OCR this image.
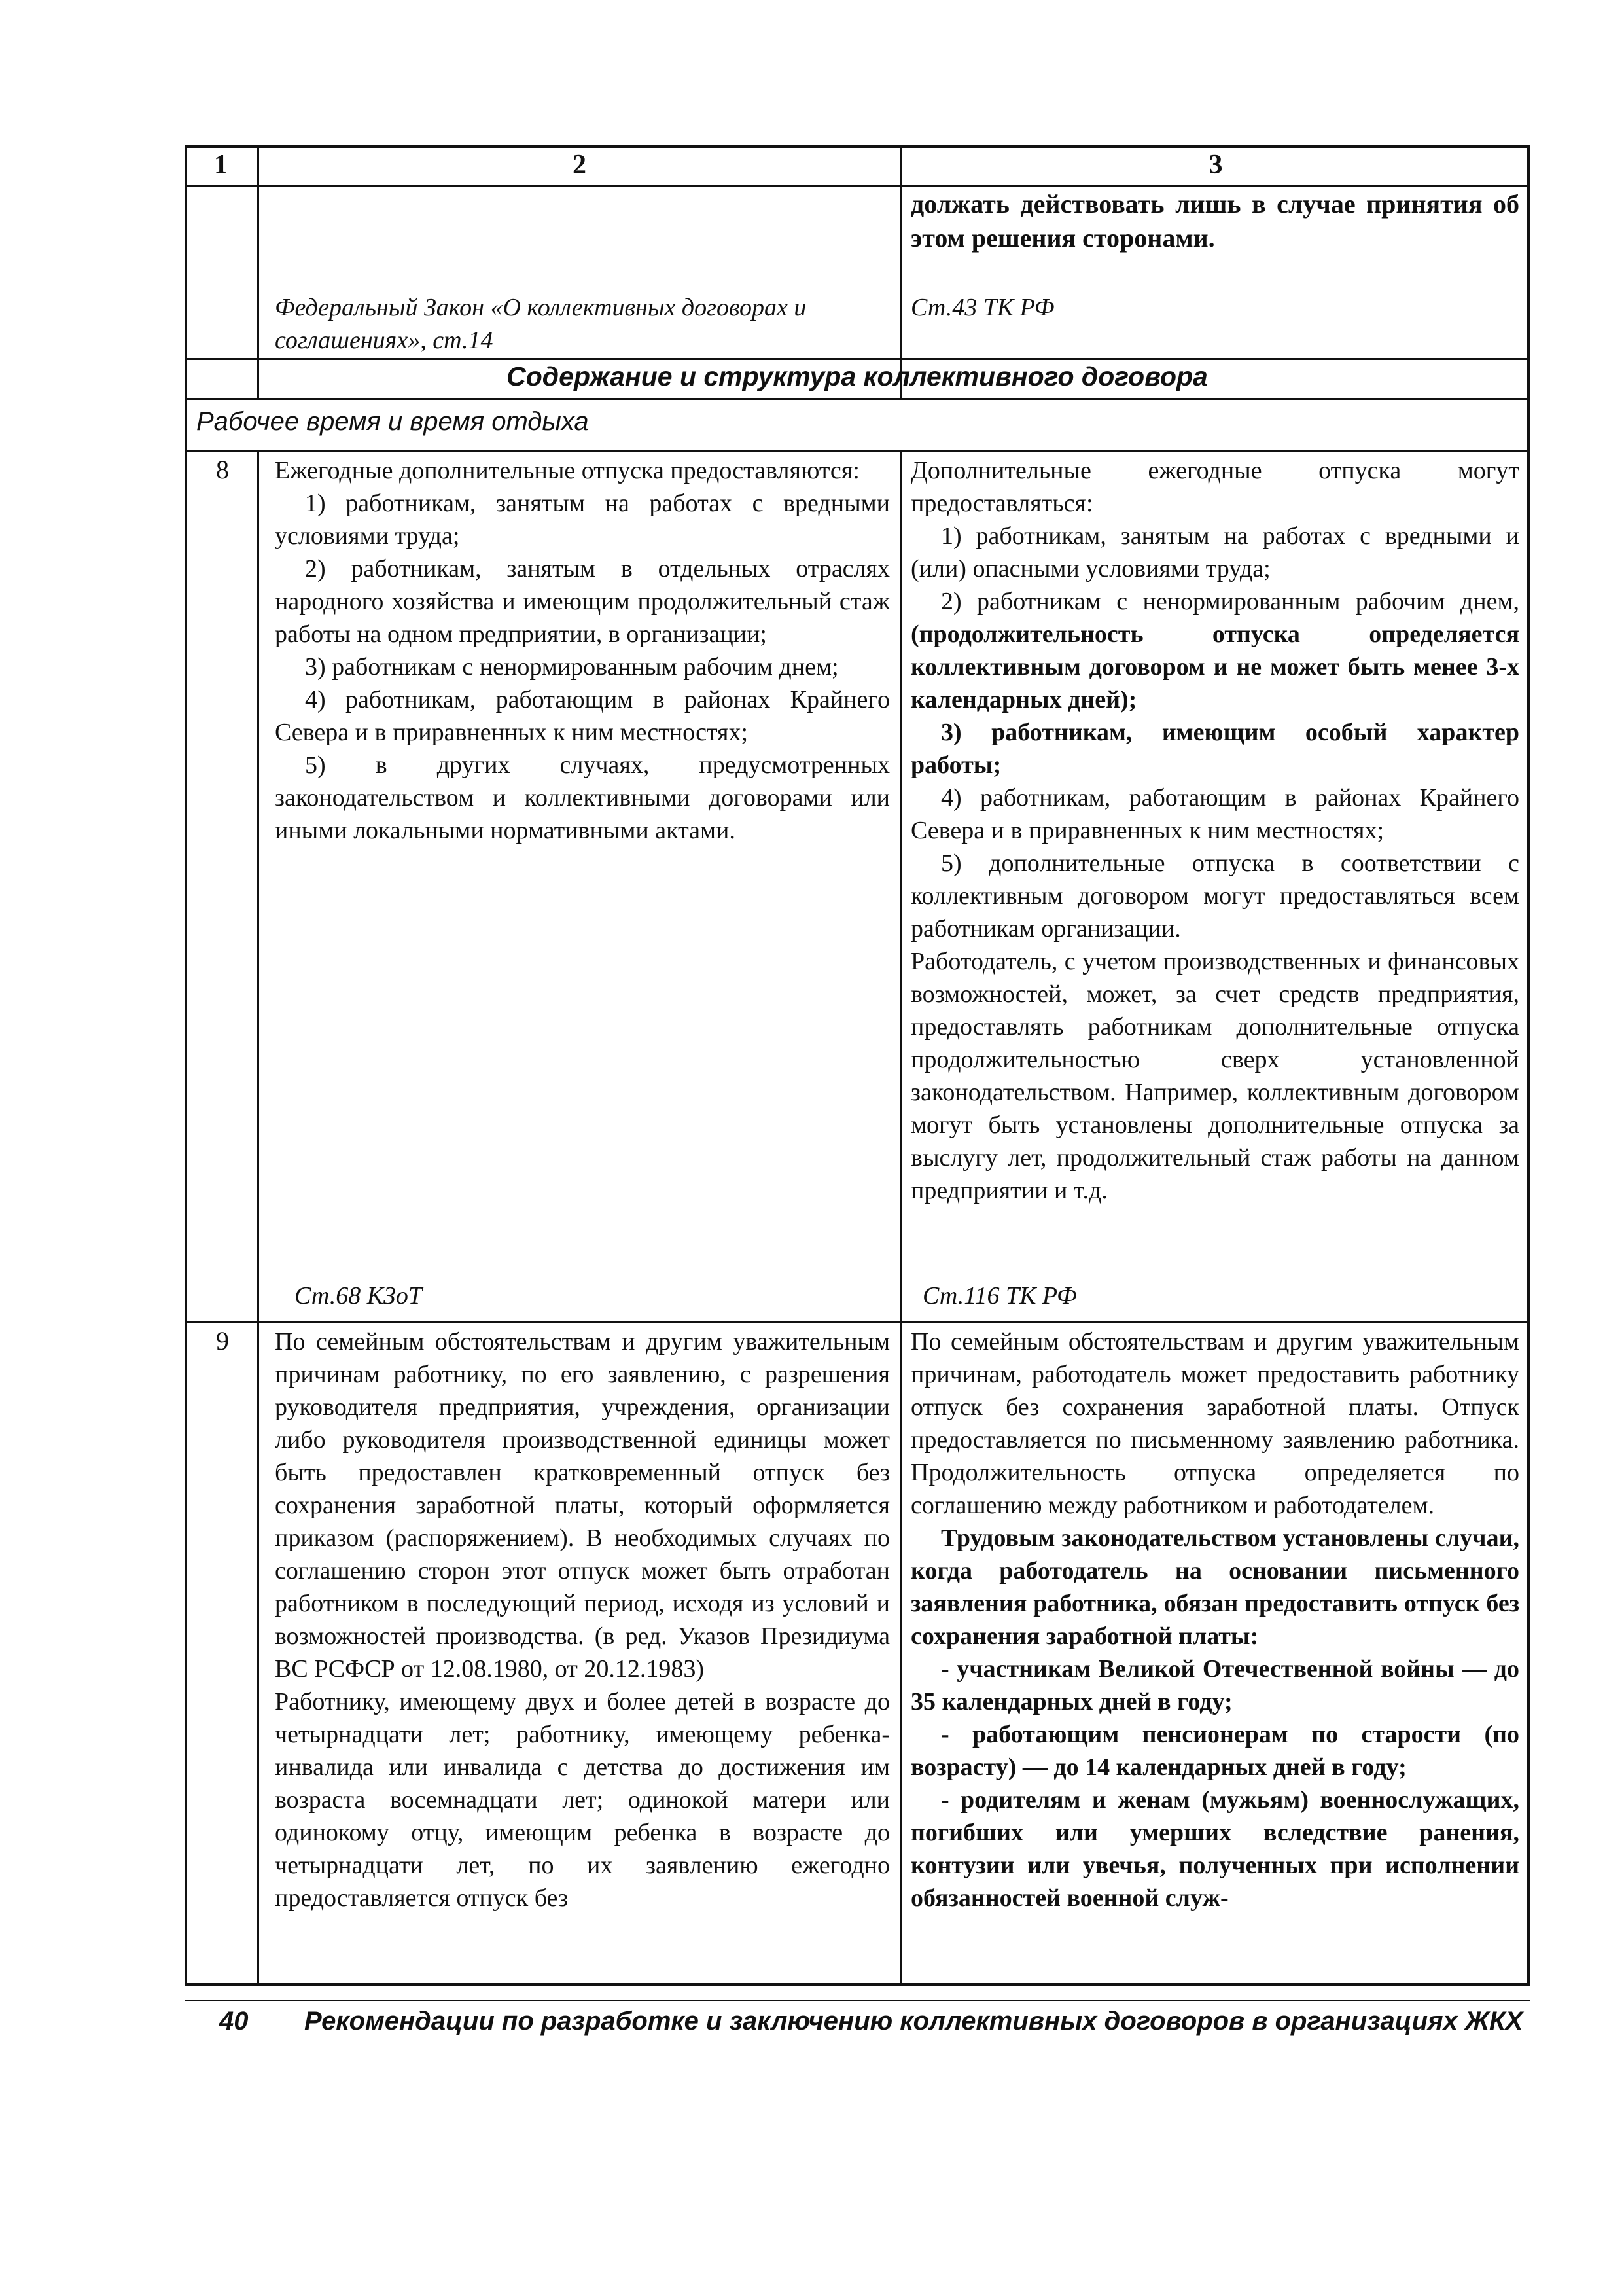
1	2	3
должать действовать лишь в случае принятия об этом решения сторонами.
Федеральный Закон «О коллективных договорах и соглашениях», ст.14
Ст.43 ТК РФ
Содержание и структура коллективного договора
Рабочее время и время отдыха
8 Ежегодные дополнительные отпуска предоставляются:

1) работникам, занятым на работах с вредными условиями труда;

2) работникам, занятым в отдельных отраслях народного хозяйства и имеющим продолжительный стаж работы на одном предприятии, в организации;

3) работникам с ненормированным рабочим днем;

4) работникам, работающим в районах Крайнего Севера и в приравненных к ним местностях;

5) в других случаях, предусмотренных законодательством и коллективными договорами или иными локальными нормативными актами.

Ст.68 КЗоТ

Дополнительные ежегодные отпуска могут предоставляться:

1) работникам, занятым на работах с вредными и (или) опасными условиями труда;

2) работникам с ненормированным рабочим днем, (продолжительность отпуска определяется коллективным договором и не может быть менее 3-х календарных дней);

3) работникам, имеющим особый характер работы;

4) работникам, работающим в районах Крайнего Севера и в приравненных к ним местностях;

5) дополнительные отпуска в соответствии с коллективным договором могут предоставляться всем работникам организации.

Работодатель, с учетом производственных и финансовых возможностей, может, за счет средств предприятия, предоставлять работникам дополнительные отпуска продолжительностью сверх установленной законодательством. Например, коллективным договором могут быть установлены дополнительные отпуска за выслугу лет, продолжительный стаж работы на данном предприятии и т.д.

Ст.116 ТК РФ
9 По семейным обстоятельствам и другим уважительным причинам работнику, по его заявлению, с разрешения руководителя предприятия, учреждения, организации либо руководителя производственной единицы может быть предоставлен кратковременный отпуск без сохранения заработной платы, который оформляется приказом (распоряжением). В необходимых случаях по соглашению сторон этот отпуск может быть отработан работником в последующий период, исходя из условий и возможностей производства. (в ред. Указов Президиума ВС РСФСР от 12.08.1980, от 20.12.1983)

Работнику, имеющему двух и более детей в возрасте до четырнадцати лет; работнику, имеющему ребенка-инвалида или инвалида с детства до достижения им возраста восемнадцати лет; одинокой матери или одинокому отцу, имеющим ребенка в возрасте до четырнадцати лет, по их заявлению ежегодно предоставляется отпуск без

По семейным обстоятельствам и другим уважительным причинам, работодатель может предоставить работнику отпуск без сохранения заработной платы. Отпуск предоставляется по письменному заявлению работника. Продолжительность отпуска определяется по соглашению между работником и работодателем.

Трудовым законодательством установлены случаи, когда работодатель на основании письменного заявления работника, обязан предоставить отпуск без сохранения заработной платы:

- участникам Великой Отечественной войны — до 35 календарных дней в году;

- работающим пенсионерам по старости (по возрасту) — до 14 календарных дней в году;

- родителям и женам (мужьям) военнослужащих, погибших или умерших вследствие ранения, контузии или увечья, полученных при исполнении обязанностей военной служ-

40 Рекомендации по разработке и заключению коллективных договоров в организациях ЖКХ
